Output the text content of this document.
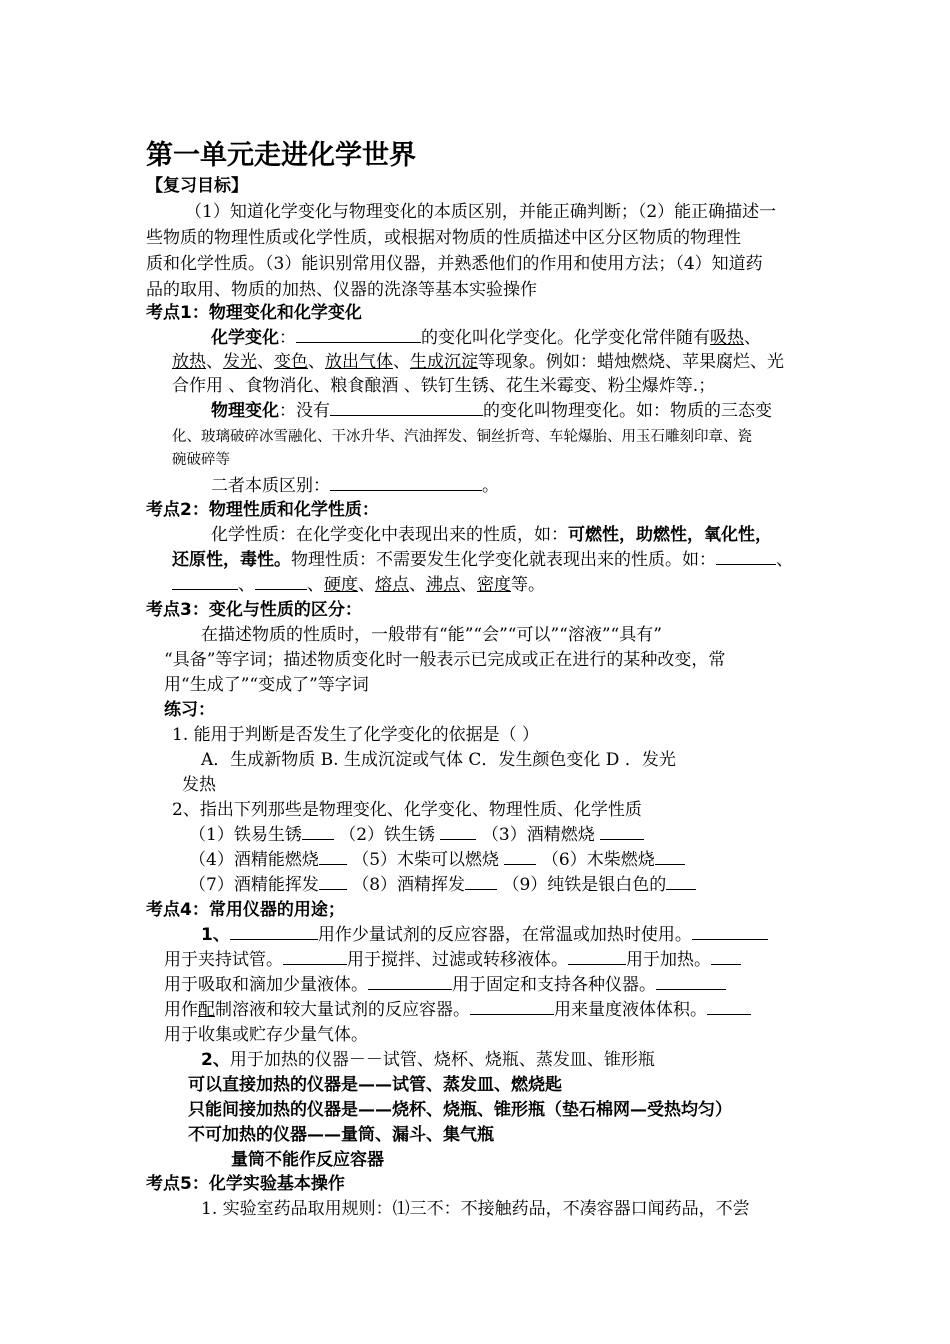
第一单元走进化学世界
【复习目标】
（1）知道化学变化与物理变化的本质区别，并能正确判断；（2）能正确描述一
些物质的物理性质或化学性质，或根据对物质的性质描述中区分区物质的物理性
质和化学性质。（3）能识别常用仪器，并熟悉他们的作用和使用方法；（4）知道药
品的取用、物质的加热、仪器的洗涤等基本实验操作
考点1：物理变化和化学变化
化学变化：	的变化叫化学变化。化学变化常伴随有吸热、
放热、发光、变色、放出气体、生成沉淀等现象。例如：蜡烛燃烧、苹果腐烂、光
合作用 、食物消化、粮食酿酒 、铁钉生锈、花生米霉变、粉尘爆炸等.；
物理变化：没有	的变化叫物理变化。如：物质的三态变
化、玻璃破碎冰雪融化、干冰升华、汽油挥发、铜丝折弯、车轮爆胎、用玉石雕刻印章、瓷
碗破碎等
二者本质区别：	。
考点2：物理性质和化学性质：
化学性质：在化学变化中表现出来的性质，如：可燃性，助燃性，氧化性，
还原性，毒性。物理性质：不需要发生化学变化就表现出来的性质。如：	、
、	、硬度、熔点、沸点、密度等。
考点3：变化与性质的区分：
在描述物质的性质时，一般带有“能”“会”“可以”“溶液”“具有”
“具备”等字词；描述物质变化时一般表示已完成或正在进行的某种改变，常
用“生成了”“变成了”等字词
练习：
1. 能用于判断是否发生了化学变化的依据是（ ）
A．生成新物质 B. 生成沉淀或气体 C．发生颜色变化 D ．发光
发热
2、指出下列那些是物理变化、化学变化、物理性质、化学性质
（1）铁易生锈 （2）铁生锈  （3）酒精燃烧
（4）酒精能燃烧 （5）木柴可以燃烧  （6）木柴燃烧
（7）酒精能挥发 （8）酒精挥发 （9）纯铁是银白色的
考点4：常用仪器的用途；
1、	用作少量试剂的反应容器，在常温或加热时使用。
用于夹持试管。	用于搅拌、过滤或转移液体。	用于加热。
用于吸取和滴加少量液体。	用于固定和支持各种仪器。
用作配制溶液和较大量试剂的反应容器。	用来量度液体体积。
用于收集或贮存少量气体。
2、用于加热的仪器－－试管、烧杯、烧瓶、蒸发皿、锥形瓶
可以直接加热的仪器是——试管、蒸发皿、燃烧匙
只能间接加热的仪器是——烧杯、烧瓶、锥形瓶（垫石棉网—受热均匀）
不可加热的仪器——量筒、漏斗、集气瓶
量筒不能作反应容器
考点5：化学实验基本操作
1. 实验室药品取用规则：⑴三不：不接触药品，不凑容器口闻药品，不尝
